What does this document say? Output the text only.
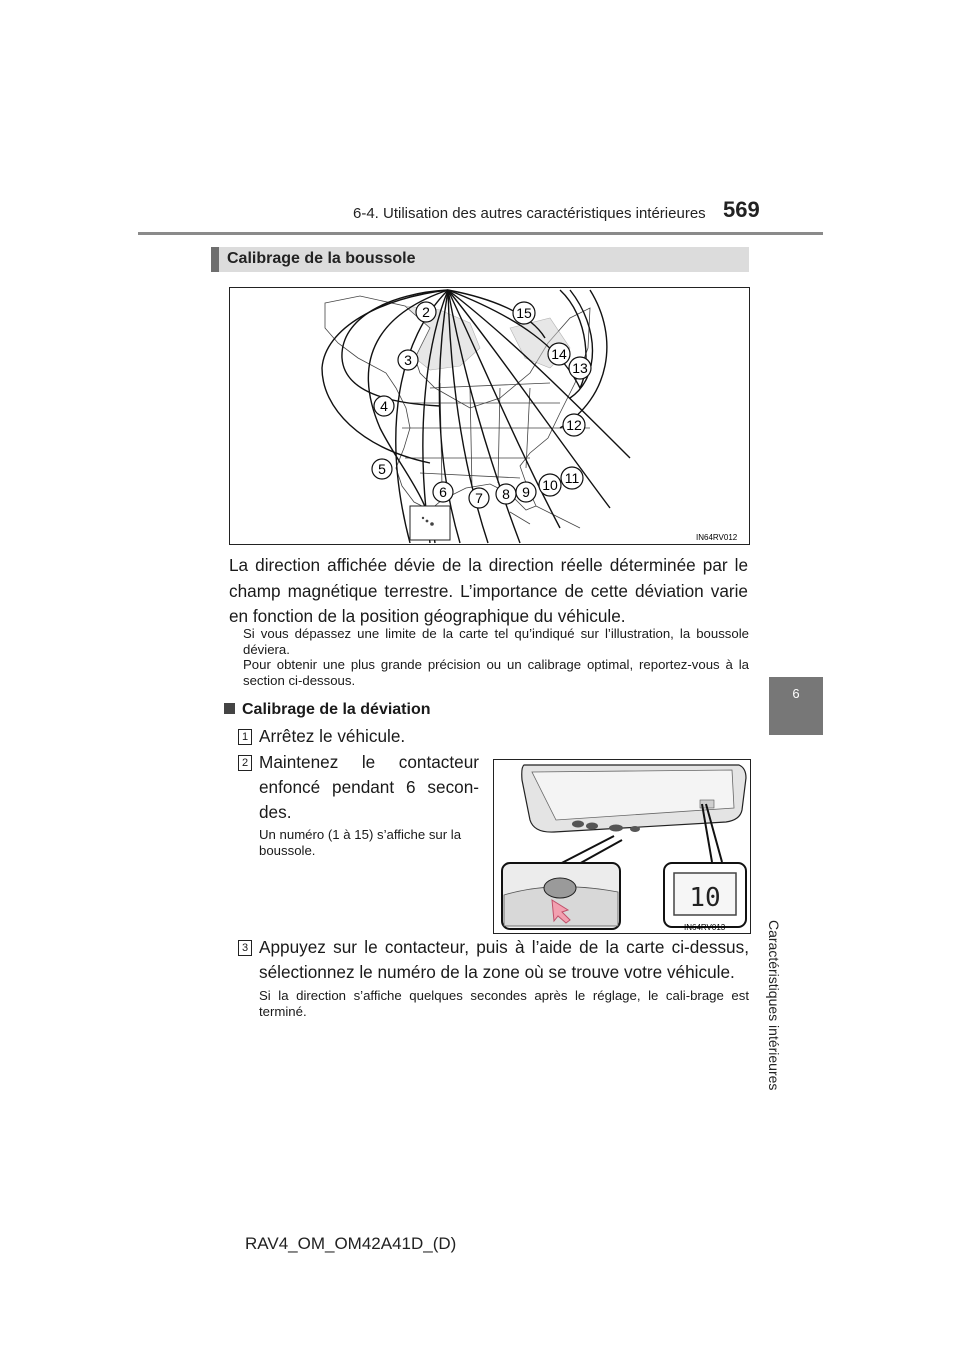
6-4. Utilisation des autres caractéristiques intérieures 569
6
Caractéristiques intérieures
Calibrage de la boussole
2
3
4
5
6 7 8 9 10 11
12
13
14
15
IN64RV012
La direction affichée dévie de la direction réelle déterminée par le champ magnétique terrestre. L’importance de cette déviation varie en fonction de la position géographique du véhicule.
Si vous dépassez une limite de la carte tel qu’indiqué sur l’illustration, la boussole déviera.
Pour obtenir une plus grande précision ou un calibrage optimal, reportez-vous à la section ci-dessous.
Calibrage de la déviation
1 Arrêtez le véhicule.
2 Maintenez le contacteur enfoncé pendant 6 secon-des.
Un numéro (1 à 15) s’affiche sur la boussole.
10
IN64RV013
3 Appuyez sur le contacteur, puis à l’aide de la carte ci-dessus, sélectionnez le numéro de la zone où se trouve votre véhicule.
Si la direction s’affiche quelques secondes après le réglage, le cali-brage est terminé.
RAV4_OM_OM42A41D_(D)
